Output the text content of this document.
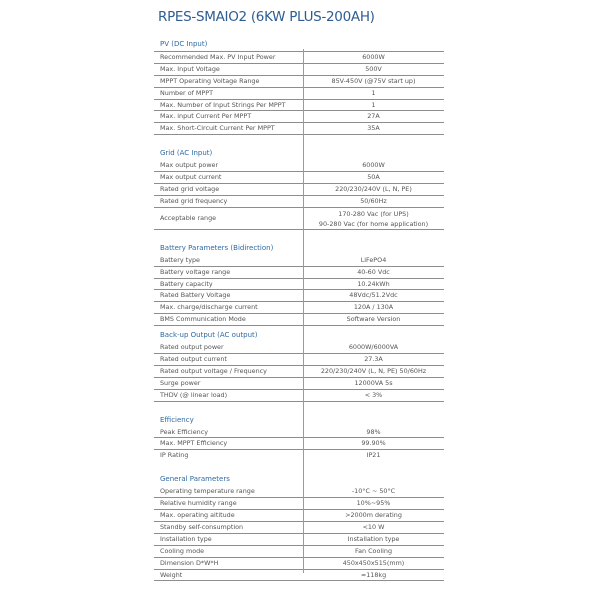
RPES-SMAIO2 (6KW PLUS-200AH)
PV (DC Input)
Recommended Max. PV Input Power	6000W
Max. Input Voltage	500V
MPPT Operating Voltage Range	85V-450V (@75V start up)
Number of MPPT	1
Max. Number of Input Strings Per MPPT	1
Max. input Current Per MPPT	27A
Max. Short-Circuit Current Per MPPT	35A
Grid (AC Input)
Max output power	6000W
Max output current	50A
Rated grid voltage	220/230/240V (L, N, PE)
Rated grid frequency	50/60Hz
Acceptable range	170-280 Vac (for UPS)
90-280 Vac (for home application)
Battery Parameters (Bidirection)
Battery type	LiFePO4
Battery voltage range	40-60 Vdc
Battery capacity	10.24kWh
Rated Battery Voltage	48Vdc/51.2Vdc
Max. charge/discharge current	120A / 130A
BMS Communication Mode	Software Version
Back-up Output (AC output)
Rated output power	6000W/6000VA
Rated output current	27.3A
Rated output voltage / Frequency	220/230/240V (L, N, PE) 50/60Hz
Surge power	12000VA 5s
THDV (@ linear load)	< 3%
Efficiency
Peak Efficiency	98%
Max. MPPT Efficiency	99.90%
IP Rating	IP21
General Parameters
Operating temperature range	-10°C ~ 50°C
Relative humidity range	10%~95%
Max. operating altitude	>2000m derating
Standby self-consumption	<10 W
Installation type	Installation type
Cooling mode	Fan Cooling
Dimension D*W*H	450x450x515(mm)
Weight	≈118kg
